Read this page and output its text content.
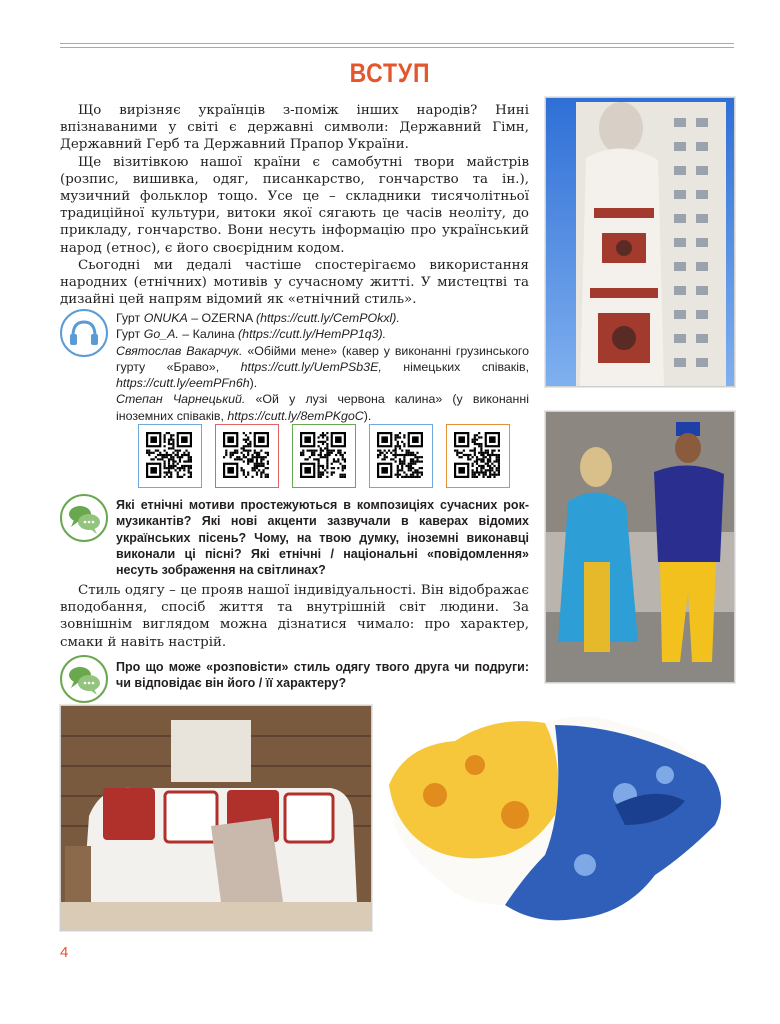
ВСТУП

Що вирізняє українців з-поміж інших народів? Нині впізнаваними у світі є державні символи: Державний Гімн, Державний Герб та Державний Прапор України.

Ще візитівкою нашої країни є самобутні твори майстрів (розпис, вишивка, одяг, писанкарство, гончарство та ін.), музичний фольклор тощо. Усе це – складники тисячолітньої традиційної культури, витоки якої сягають це часів неоліту, до прикладу, гончарство. Вони несуть інформацію про український народ (етнос), є його своєрідним кодом.

Сьогодні ми дедалі частіше спостерігаємо використання народних (етнічних) мотивів у сучасному житті. У мистецтві та дизайні цей напрям відомий як «етнічний стиль».

Гурт ONUKA – OZERNA (https://cutt.ly/CemPOkxl).
Гурт Go_A. – Калина (https://cutt.ly/HemPP1q3).
Святослав Вакарчук. «Обійми мене» (кавер у виконанні грузинського гурту «Браво», https://cutt.ly/UemPSb3E, німецьких співаків, https://cutt.ly/eemPFn6h).
Степан Чарнецький. «Ой у лузі червона калина» (у виконанні іноземних співаків, https://cutt.ly/8emPKgoC).
Які етнічні мотиви простежуються в композиціях сучасних рок-музикантів? Які нові акценти зазвучали в каверах відомих українських пісень? Чому, на твою думку, іноземні виконавці виконали ці пісні? Які етнічні / національні «повідомлення» несуть зображення на світлинах?

Стиль одягу – це прояв нашої індивідуальності. Він відображає вподобання, спосіб життя та внутрішній світ людини. За зовнішнім виглядом можна дізнатися чимало: про характер, смаки й навіть настрій.

Про що може «розповісти» стиль одягу твого друга чи подруги: чи відповідає він його / її характеру?
4
